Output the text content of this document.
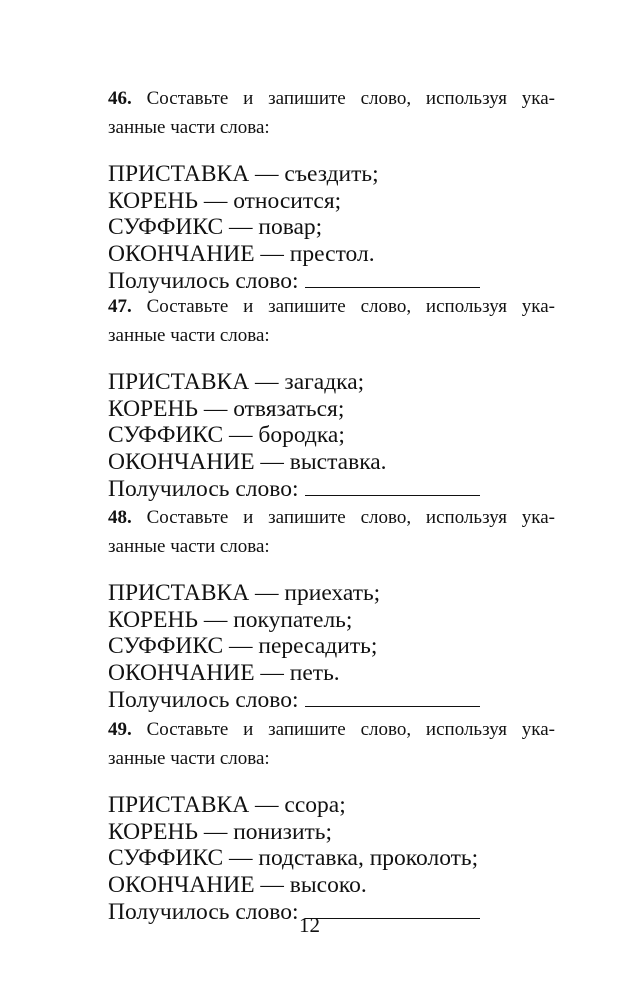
46. Составьте и запишите слово, используя ука-
занные части слова:
ПРИСТАВКА — съездить;
КОРЕНЬ — относится;
СУФФИКС — повар;
ОКОНЧАНИЕ — престол.
Получилось слово:
47. Составьте и запишите слово, используя ука-
занные части слова:
ПРИСТАВКА — загадка;
КОРЕНЬ — отвязаться;
СУФФИКС — бородка;
ОКОНЧАНИЕ — выставка.
Получилось слово:
48. Составьте и запишите слово, используя ука-
занные части слова:
ПРИСТАВКА — приехать;
КОРЕНЬ — покупатель;
СУФФИКС — пересадить;
ОКОНЧАНИЕ — петь.
Получилось слово:
49. Составьте и запишите слово, используя ука-
занные части слова:
ПРИСТАВКА — ссора;
КОРЕНЬ — понизить;
СУФФИКС — подставка, проколоть;
ОКОНЧАНИЕ — высоко.
Получилось слово: 12
